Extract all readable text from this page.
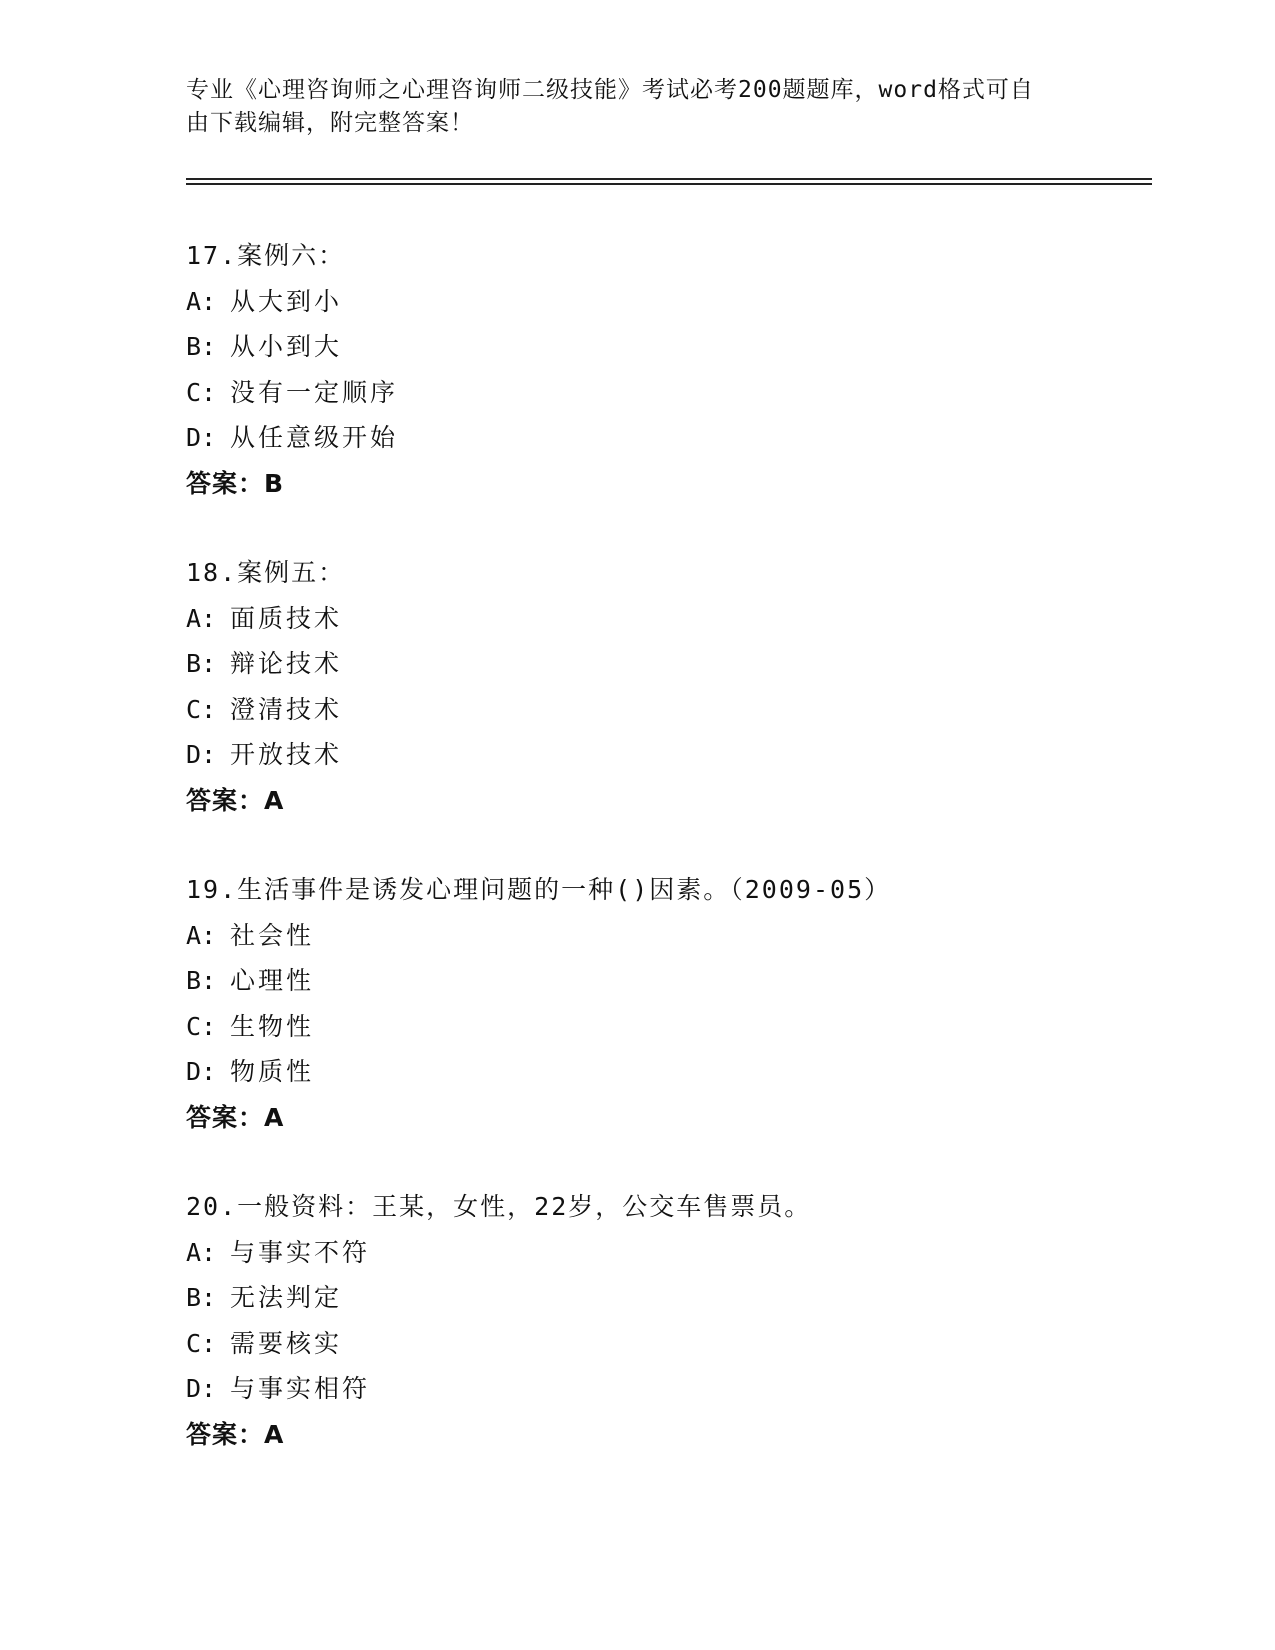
专业《心理咨询师之心理咨询师二级技能》考试必考200题题库，word格式可自
由下载编辑，附完整答案！
17.案例六：
A: 从大到小
B: 从小到大
C: 没有一定顺序
D: 从任意级开始
答案：B
18.案例五：
A: 面质技术
B: 辩论技术
C: 澄清技术
D: 开放技术
答案：A
19.生活事件是诱发心理问题的一种()因素。（2009-05）
A: 社会性
B: 心理性
C: 生物性
D: 物质性
答案：A
20.一般资料：王某，女性，22岁，公交车售票员。
A: 与事实不符
B: 无法判定
C: 需要核实
D: 与事实相符
答案：A
